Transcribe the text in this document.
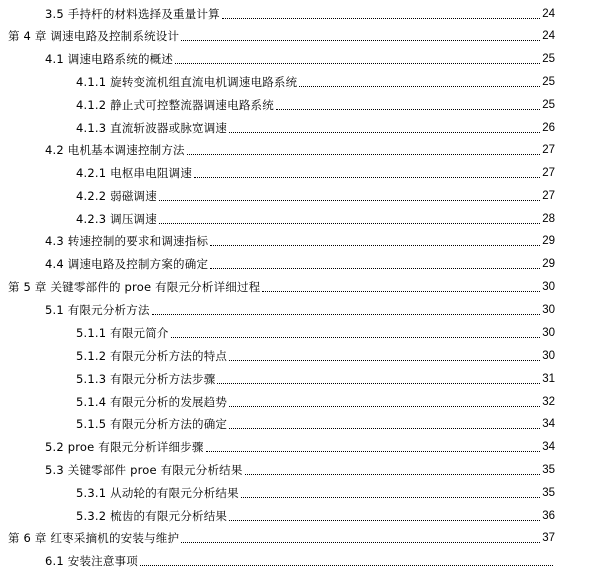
3.5 手持杆的材料选择及重量计算	24
第 4 章 调速电路及控制系统设计	24
4.1 调速电路系统的概述	25
4.1.1 旋转变流机组直流电机调速电路系统	25
4.1.2 静止式可控整流器调速电路系统	25
4.1.3 直流斩波器或脉宽调速	26
4.2 电机基本调速控制方法	27
4.2.1 电枢串电阻调速	27
4.2.2 弱磁调速	27
4.2.3 调压调速	28
4.3 转速控制的要求和调速指标	29
4.4 调速电路及控制方案的确定	29
第 5 章 关键零部件的 proe 有限元分析详细过程	30
5.1 有限元分析方法	30
5.1.1 有限元简介	30
5.1.2 有限元分析方法的特点	30
5.1.3 有限元分析方法步骤	31
5.1.4 有限元分析的发展趋势	32
5.1.5 有限元分析方法的确定	34
5.2 proe 有限元分析详细步骤	34
5.3 关键零部件 proe 有限元分析结果	35
5.3.1 从动轮的有限元分析结果	35
5.3.2 梳齿的有限元分析结果	36
第 6 章 红枣采摘机的安装与维护	37
6.1 安装注意事项
